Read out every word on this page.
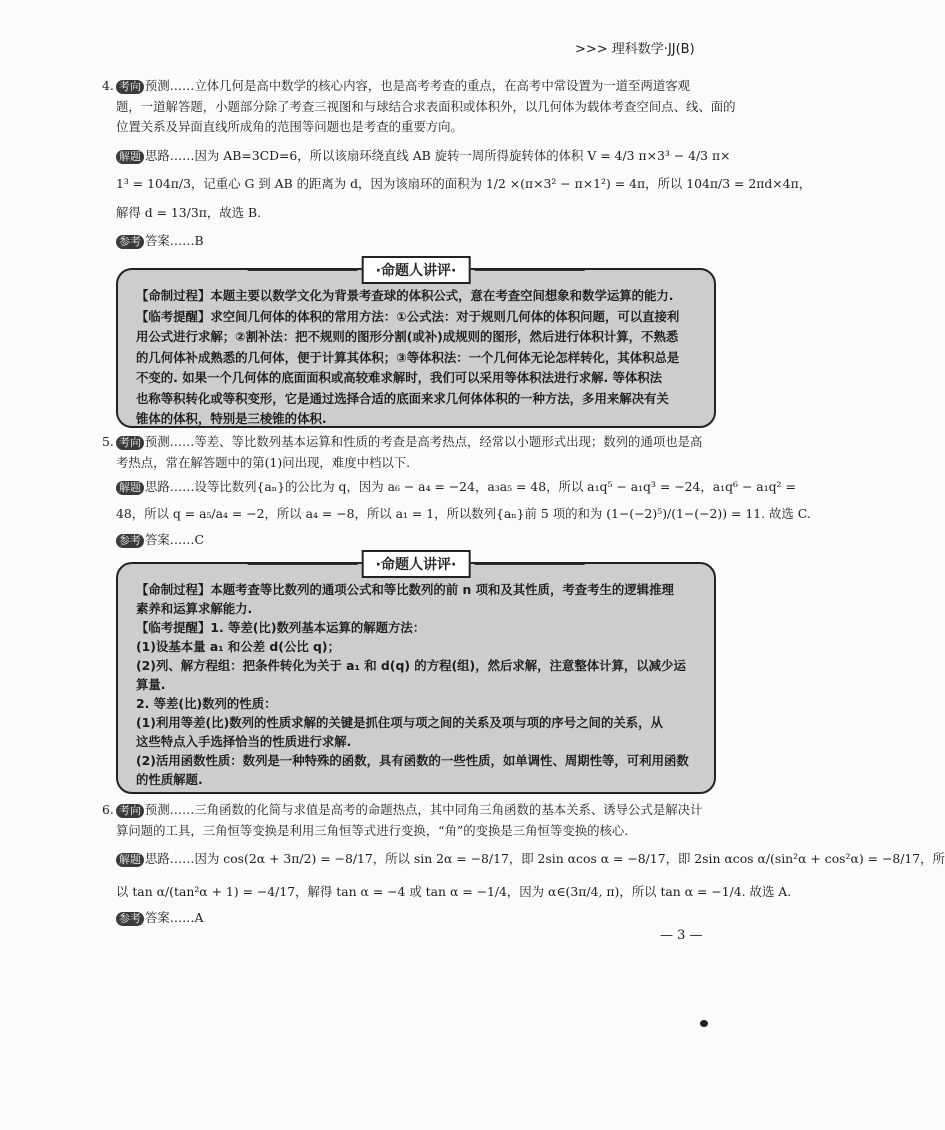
>>> 理科数学·JJ(B)
4. 考向 预测……立体几何是高中数学的核心内容，也是高考考查的重点，在高考中常设置为一道至两道客观
题，一道解答题，小题部分除了考查三视图和与球结合求表面积或体积外，以几何体为载体考查空间点、线、面的
位置关系及异面直线所成角的范围等问题也是考查的重要方向。
解题 思路……因为 AB=3CD=6，所以该扇环绕直线 AB 旋转一周所得旋转体的体积 V = 4/3 π×3³ − 4/3 π×
1³ = 104π/3，记重心 G 到 AB 的距离为 d，因为该扇环的面积为 1/2 ×(π×3² − π×1²) = 4π，所以 104π/3 = 2πd×4π，
解得 d = 13/3π，故选 B.
参考 答案……B
·命题人讲评·
【命制过程】本题主要以数学文化为背景考查球的体积公式，意在考查空间想象和数学运算的能力.
【临考提醒】求空间几何体的体积的常用方法：①公式法：对于规则几何体的体积问题，可以直接利
用公式进行求解；②割补法：把不规则的图形分割(或补)成规则的图形，然后进行体积计算，不熟悉
的几何体补成熟悉的几何体，便于计算其体积；③等体积法：一个几何体无论怎样转化，其体积总是
不变的. 如果一个几何体的底面面积或高较难求解时，我们可以采用等体积法进行求解. 等体积法
也称等积转化或等积变形，它是通过选择合适的底面来求几何体体积的一种方法，多用来解决有关
锥体的体积，特别是三棱锥的体积.
5. 考向 预测……等差、等比数列基本运算和性质的考查是高考热点，经常以小题形式出现；数列的通项也是高
考热点，常在解答题中的第(1)问出现，难度中档以下.
解题 思路……设等比数列{aₙ}的公比为 q，因为 a₆ − a₄ = −24，a₃a₅ = 48，所以 a₁q⁵ − a₁q³ = −24，a₁q⁶ − a₁q² =
48，所以 q = a₅/a₄ = −2，所以 a₄ = −8，所以 a₁ = 1，所以数列{aₙ}前 5 项的和为 (1−(−2)⁵)/(1−(−2)) = 11. 故选 C.
参考 答案……C
·命题人讲评·
【命制过程】本题考查等比数列的通项公式和等比数列的前 n 项和及其性质，考查考生的逻辑推理
素养和运算求解能力.
【临考提醒】1. 等差(比)数列基本运算的解题方法：
(1)设基本量 a₁ 和公差 d(公比 q)；
(2)列、解方程组：把条件转化为关于 a₁ 和 d(q) 的方程(组)，然后求解，注意整体计算，以减少运
算量.
2. 等差(比)数列的性质：
(1)利用等差(比)数列的性质求解的关键是抓住项与项之间的关系及项与项的序号之间的关系，从
这些特点入手选择恰当的性质进行求解.
(2)活用函数性质：数列是一种特殊的函数，具有函数的一些性质，如单调性、周期性等，可利用函数
的性质解题.
6. 考向 预测……三角函数的化简与求值是高考的命题热点，其中同角三角函数的基本关系、诱导公式是解决计
算问题的工具，三角恒等变换是利用三角恒等式进行变换，“角”的变换是三角恒等变换的核心.
解题 思路……因为 cos(2α + 3π/2) = −8/17，所以 sin 2α = −8/17，即 2sin αcos α = −8/17，即 2sin αcos α/(sin²α + cos²α) = −8/17，所
以 tan α/(tan²α + 1) = −4/17，解得 tan α = −4 或 tan α = −1/4，因为 α∈(3π/4, π)，所以 tan α = −1/4. 故选 A.
参考 答案……A
— 3 —
